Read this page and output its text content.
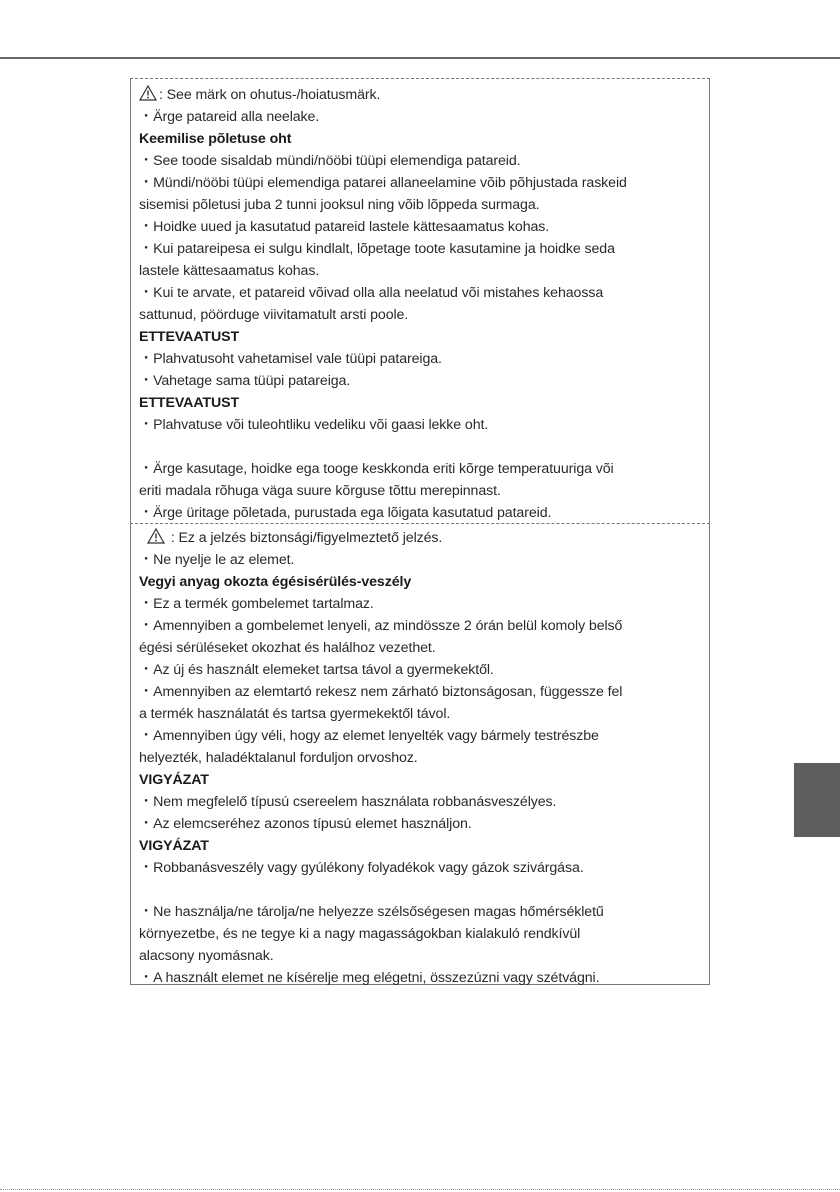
: See märk on ohutus-/hoiatusmärk.
・Ärge patareid alla neelake.
Keemilise põletuse oht
・See toode sisaldab mündi/nööbi tüüpi elemendiga patareid.
・Mündi/nööbi tüüpi elemendiga patarei allaneelamine võib põhjustada raskeid
sisemisi põletusi juba 2 tunni jooksul ning võib lõppeda surmaga.
・Hoidke uued ja kasutatud patareid lastele kättesaamatus kohas.
・Kui patareipesa ei sulgu kindlalt, lõpetage toote kasutamine ja hoidke seda
lastele kättesaamatus kohas.
・Kui te arvate, et patareid võivad olla alla neelatud või mistahes kehaossa
sattunud, pöörduge viivitamatult arsti poole.
ETTEVAATUST
・Plahvatusoht vahetamisel vale tüüpi patareiga.
・Vahetage sama tüüpi patareiga.
ETTEVAATUST
・Plahvatuse või tuleohtliku vedeliku või gaasi lekke oht.
・Ärge kasutage, hoidke ega tooge keskkonda eriti kõrge temperatuuriga või
eriti madala rõhuga väga suure kõrguse tõttu merepinnast.
・Ärge üritage põletada, purustada ega lõigata kasutatud patareid.
: Ez a jelzés biztonsági/figyelmeztető jelzés.
・Ne nyelje le az elemet.
Vegyi anyag okozta égésisérülés-veszély
・Ez a termék gombelemet tartalmaz.
・Amennyiben a gombelemet lenyeli, az mindössze 2 órán belül komoly belső
égési sérüléseket okozhat és halálhoz vezethet.
・Az új és használt elemeket tartsa távol a gyermekektől.
・Amennyiben az elemtartó rekesz nem zárható biztonságosan, függessze fel
a termék használatát és tartsa gyermekektől távol.
・Amennyiben úgy véli, hogy az elemet lenyelték vagy bármely testrészbe
helyezték, haladéktalanul forduljon orvoshoz.
VIGYÁZAT
・Nem megfelelő típusú csereelem használata robbanásveszélyes.
・Az elemcseréhez azonos típusú elemet használjon.
VIGYÁZAT
・Robbanásveszély vagy gyúlékony folyadékok vagy gázok szivárgása.
・Ne használja/ne tárolja/ne helyezze szélsőségesen magas hőmérsékletű
környezetbe, és ne tegye ki a nagy magasságokban kialakuló rendkívül
alacsony nyomásnak.
・A használt elemet ne kísérelje meg elégetni, összezúzni vagy szétvágni.
